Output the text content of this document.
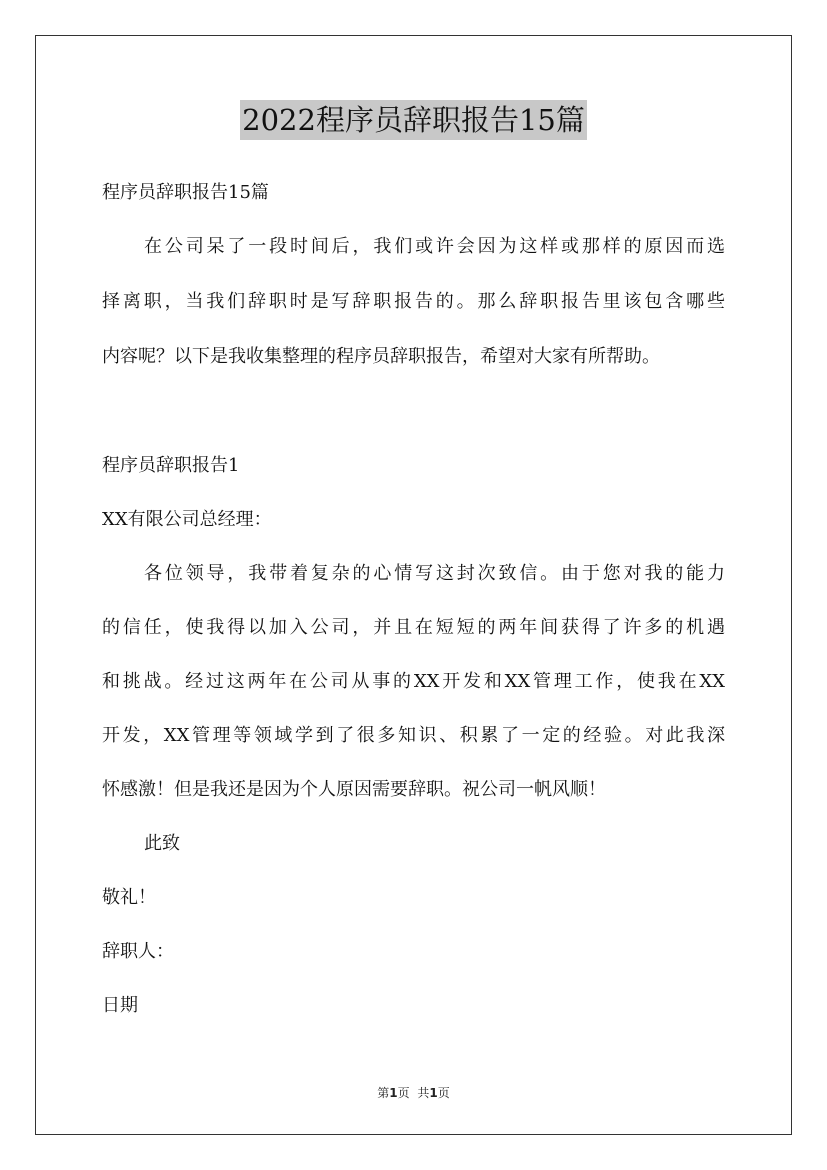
2022程序员辞职报告15篇
程序员辞职报告15篇
在公司呆了一段时间后，我们或许会因为这样或那样的原因而选
择离职，当我们辞职时是写辞职报告的。那么辞职报告里该包含哪些
内容呢？以下是我收集整理的程序员辞职报告，希望对大家有所帮助。
程序员辞职报告1
XX有限公司总经理：
各位领导，我带着复杂的心情写这封次致信。由于您对我的能力
的信任，使我得以加入公司，并且在短短的两年间获得了许多的机遇
和挑战。经过这两年在公司从事的XX开发和XX管理工作，使我在XX
开发，XX管理等领域学到了很多知识、积累了一定的经验。对此我深
怀感激！但是我还是因为个人原因需要辞职。祝公司一帆风顺！
此致
敬礼！
辞职人：
日期
第1页 共1页
